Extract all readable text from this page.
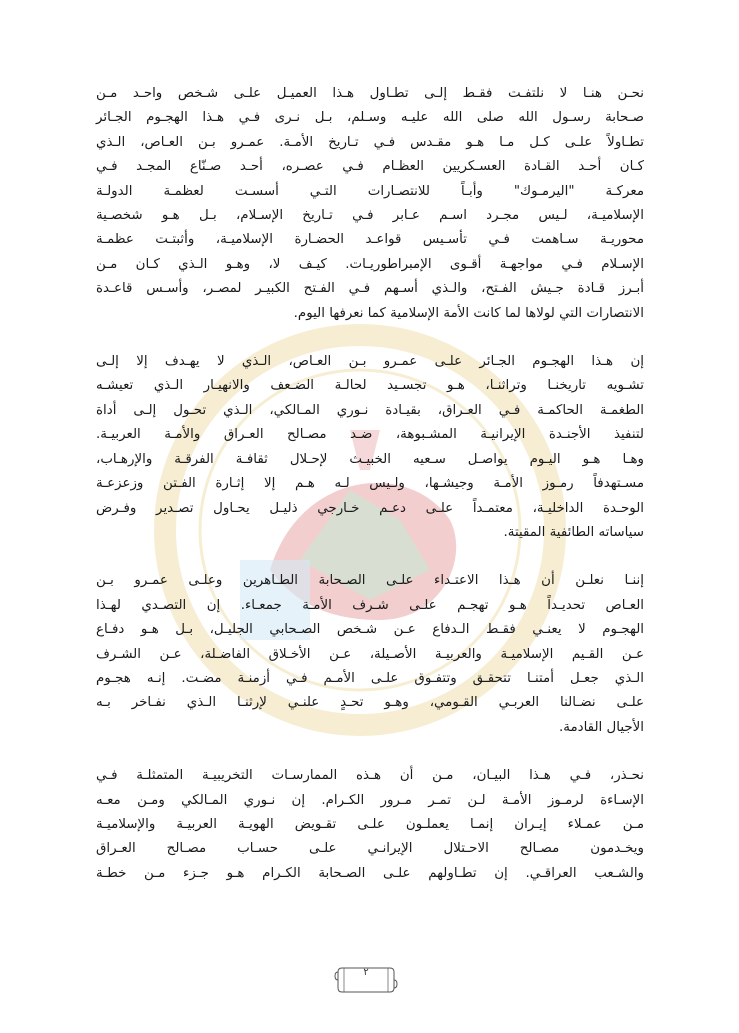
نحـن هنـا لا نلتفـت فقـط إلـى تطـاول هـذا العميـل علـى شـخص واحـد مـن
صـحابة رسـول الله صلى الله عليـه وسـلم، بـل نـرى فـي هـذا الهجـوم الجـائر
تطـاولاً علـى كـل مـا هـو مقـدس فـي تـاريخ الأمـة. عمـرو بـن العـاص، الـذي
كـان أحـد القـادة العسـكريين العظـام فـي عصـره، أحـد صـنّاع المجـد فـي
معركـة "اليرمـوك" وأبـاً للانتصـارات التـي أسسـت لعظمـة الدولـة
الإسلاميـة، لـيس مجـرد اسـم عـابر فـي تـاريخ الإسـلام، بـل هـو شخصـية
محوريـة سـاهمت فـي تأسـيس قواعـد الحضـارة الإسلاميـة، وأثبتـت عظمـة
الإسـلام فـي مواجهـة أقـوى الإمبراطوريـات. كيـف لا، وهـو الـذي كـان مـن
أبـرز قـادة جـيش الفـتح، والـذي أسـهم فـي الفـتح الكبيـر لمصـر، وأسـس قاعـدة
الانتصارات التي لولاها لما كانت الأمة الإسلامية كما نعرفها اليوم.

إن هـذا الهجـوم الجـائر علـى عمـرو بـن العـاص، الـذي لا يهـدف إلا إلـى
تشـويه تاريخنـا وتراثنـا، هـو تجسـيد لحالـة الضـعف والانهيـار الـذي تعيشـه
الطغمـة الحاكمـة فـي العـراق، بقيـادة نـوري المـالكي، الـذي تحـول إلـى أداة
لتنفيذ الأجنـدة الإيرانيـة المشـبوهة، ضـد مصـالح العـراق والأمـة العربيـة.
وهـا هـو اليـوم يواصـل سـعيه الخبيـث لإحـلال ثقافـة الفرقـة والإرهـاب،
مسـتهدفاً رمـوز الأمـة وجيشـها، ولـيس لـه هـم إلا إثـارة الفـتن وزعزعـة
الوحـدة الداخليـة، معتمـداً علـى دعـم خـارجي ذليـل يحـاول تصـدير وفـرض
سياساته الطائفية المقيتة.

إننـا نعلـن أن هـذا الاعتـداء علـى الصـحابة الطـاهرين وعلـى عمـرو بـن
العـاص تحديـداً هـو تهجـم علـى شـرف الأمـة جمعـاء. إن التصـدي لهـذا
الهجـوم لا يعنـي فقـط الـدفاع عـن شـخص الصـحابي الجليـل، بـل هـو دفـاع
عـن القـيم الإسلاميـة والعربيـة الأصـيلة، عـن الأخـلاق الفاضـلة، عـن الشـرف
الـذي جعـل أمتنـا تتحقـق وتتفـوق علـى الأمـم فـي أزمنـة مضـت. إنـه هجـوم
علـى نضـالنا العربـي القـومي، وهـو تحـدٍ علنـي لإرثنـا الـذي نفـاخر بـه
الأجيال القادمة.

نحـذر، فـي هـذا البيـان، مـن أن هـذه الممارسـات التخريبيـة المتمثلـة فـي
الإسـاءة لرمـوز الأمـة لـن تمـر مـرور الكـرام. إن نـوري المـالكي ومـن معـه
مـن عمـلاء إيـران إنمـا يعملـون علـى تقـويض الهويـة العربيـة والإسلاميـة
ويخـدمون مصـالح الاحـتلال الإيرانـي علـى حسـاب مصـالح العـراق
والشـعب العراقـي. إن تطـاولهم علـى الصـحابة الكـرام هـو جـزء مـن خطـة

٢
